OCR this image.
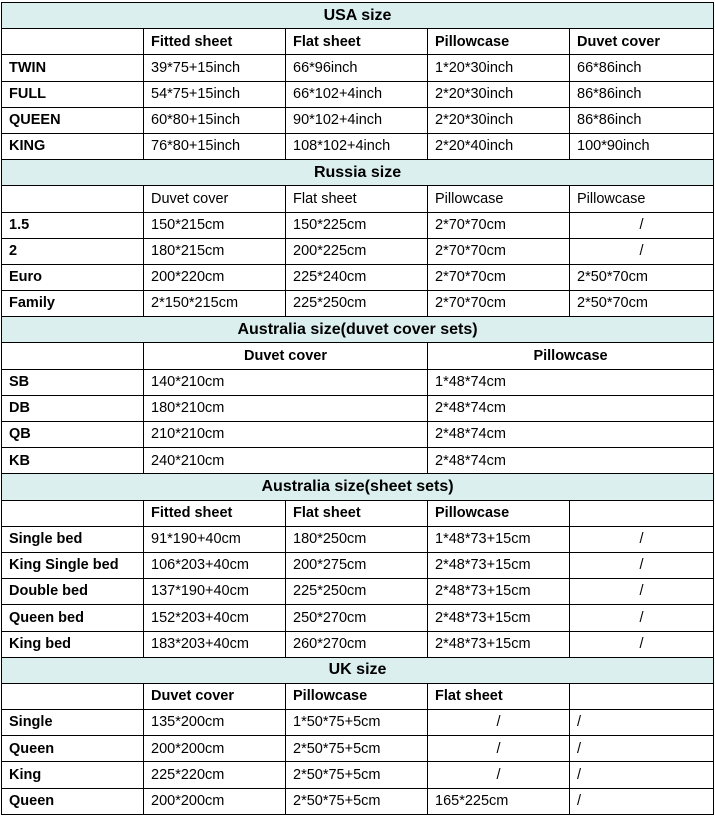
USA size				
	Fitted sheet	Flat sheet	Pillowcase	Duvet cover
TWIN	39*75+15inch	66*96inch	1*20*30inch	66*86inch
FULL	54*75+15inch	66*102+4inch	2*20*30inch	86*86inch
QUEEN	60*80+15inch	90*102+4inch	2*20*30inch	86*86inch
KING	76*80+15inch	108*102+4inch	2*20*40inch	100*90inch
Russia size				
	Duvet cover	Flat sheet	Pillowcase	Pillowcase
1.5	150*215cm	150*225cm	2*70*70cm	/
2	180*215cm	200*225cm	2*70*70cm	/
Euro	200*220cm	225*240cm	2*70*70cm	2*50*70cm
Family	2*150*215cm	225*250cm	2*70*70cm	2*50*70cm
Australia size(duvet cover sets)				
	Duvet cover		Pillowcase	
SB	140*210cm		1*48*74cm	
DB	180*210cm		2*48*74cm	
QB	210*210cm		2*48*74cm	
KB	240*210cm		2*48*74cm	
Australia size(sheet sets)				
	Fitted sheet	Flat sheet	Pillowcase	
Single bed	91*190+40cm	180*250cm	1*48*73+15cm	/
King Single bed	106*203+40cm	200*275cm	2*48*73+15cm	/
Double bed	137*190+40cm	225*250cm	2*48*73+15cm	/
Queen bed	152*203+40cm	250*270cm	2*48*73+15cm	/
King bed	183*203+40cm	260*270cm	2*48*73+15cm	/
UK size				
	Duvet cover	Pillowcase	Flat sheet	
Single	135*200cm	1*50*75+5cm	/	/
Queen	200*200cm	2*50*75+5cm	/	/
King	225*220cm	2*50*75+5cm	/	/
Queen	200*200cm	2*50*75+5cm	165*225cm	/
